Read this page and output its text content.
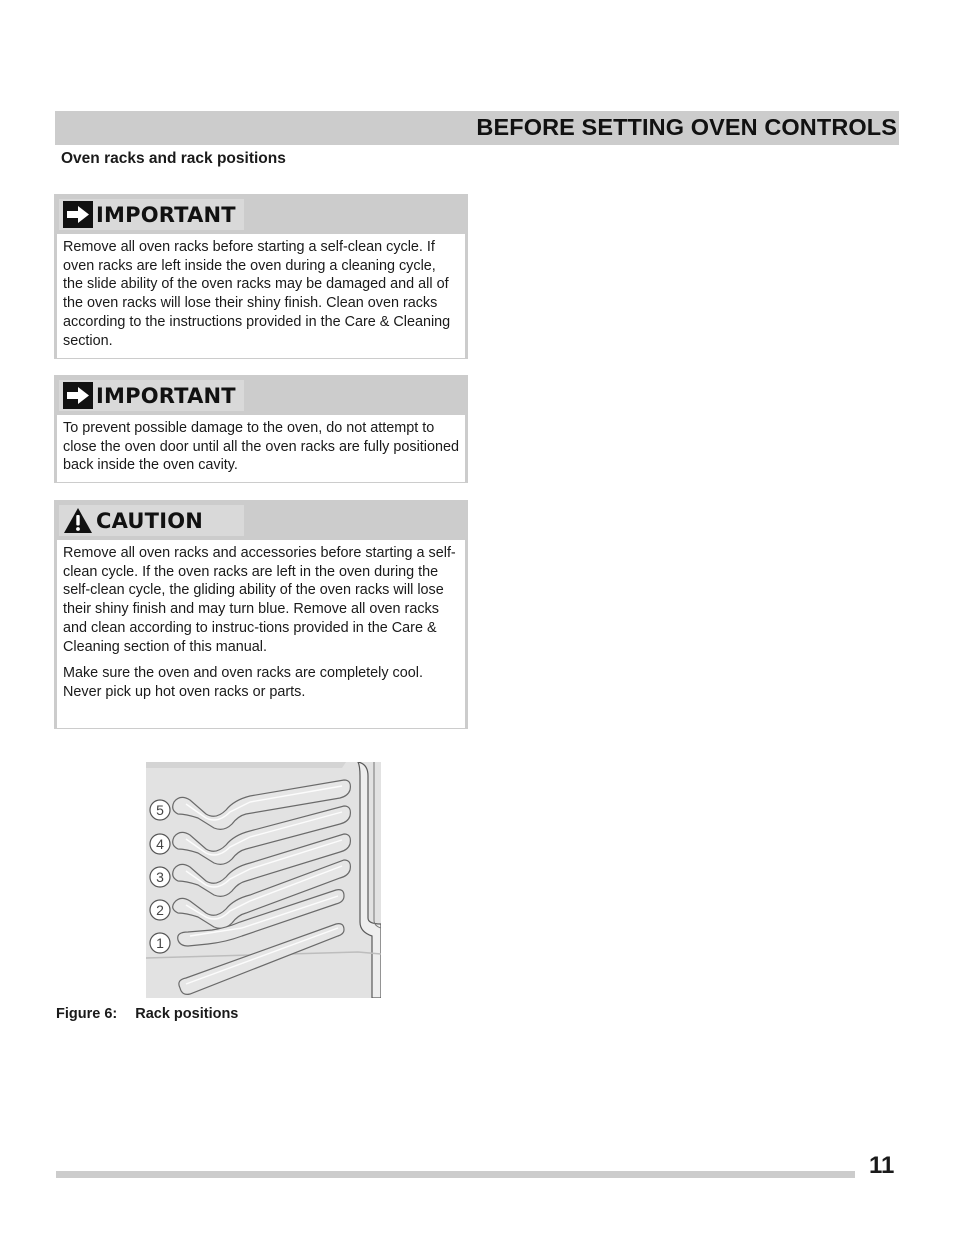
BEFORE SETTING OVEN CONTROLS
Oven racks and rack positions
IMPORTANT

Remove all oven racks before starting a self-clean cycle. If oven racks are left inside the oven during a cleaning cycle, the slide ability of the oven racks may be damaged and all of the oven racks will lose their shiny finish. Clean oven racks according to the instructions provided in the Care & Cleaning section.

IMPORTANT

To prevent possible damage to the oven, do not attempt to close the oven door until all the oven racks are fully positioned back inside the oven cavity.

CAUTION

Remove all oven racks and accessories before starting a self-clean cycle. If the oven racks are left in the oven during the self-clean cycle, the gliding ability of the oven racks will lose their shiny finish and may turn blue. Remove all oven racks and clean according to instruc-tions provided in the Care & Cleaning section of this manual.

Make sure the oven and oven racks are completely cool. Never pick up hot oven racks or parts.

5
4
3
2
1
Figure 6: Rack positions
11
